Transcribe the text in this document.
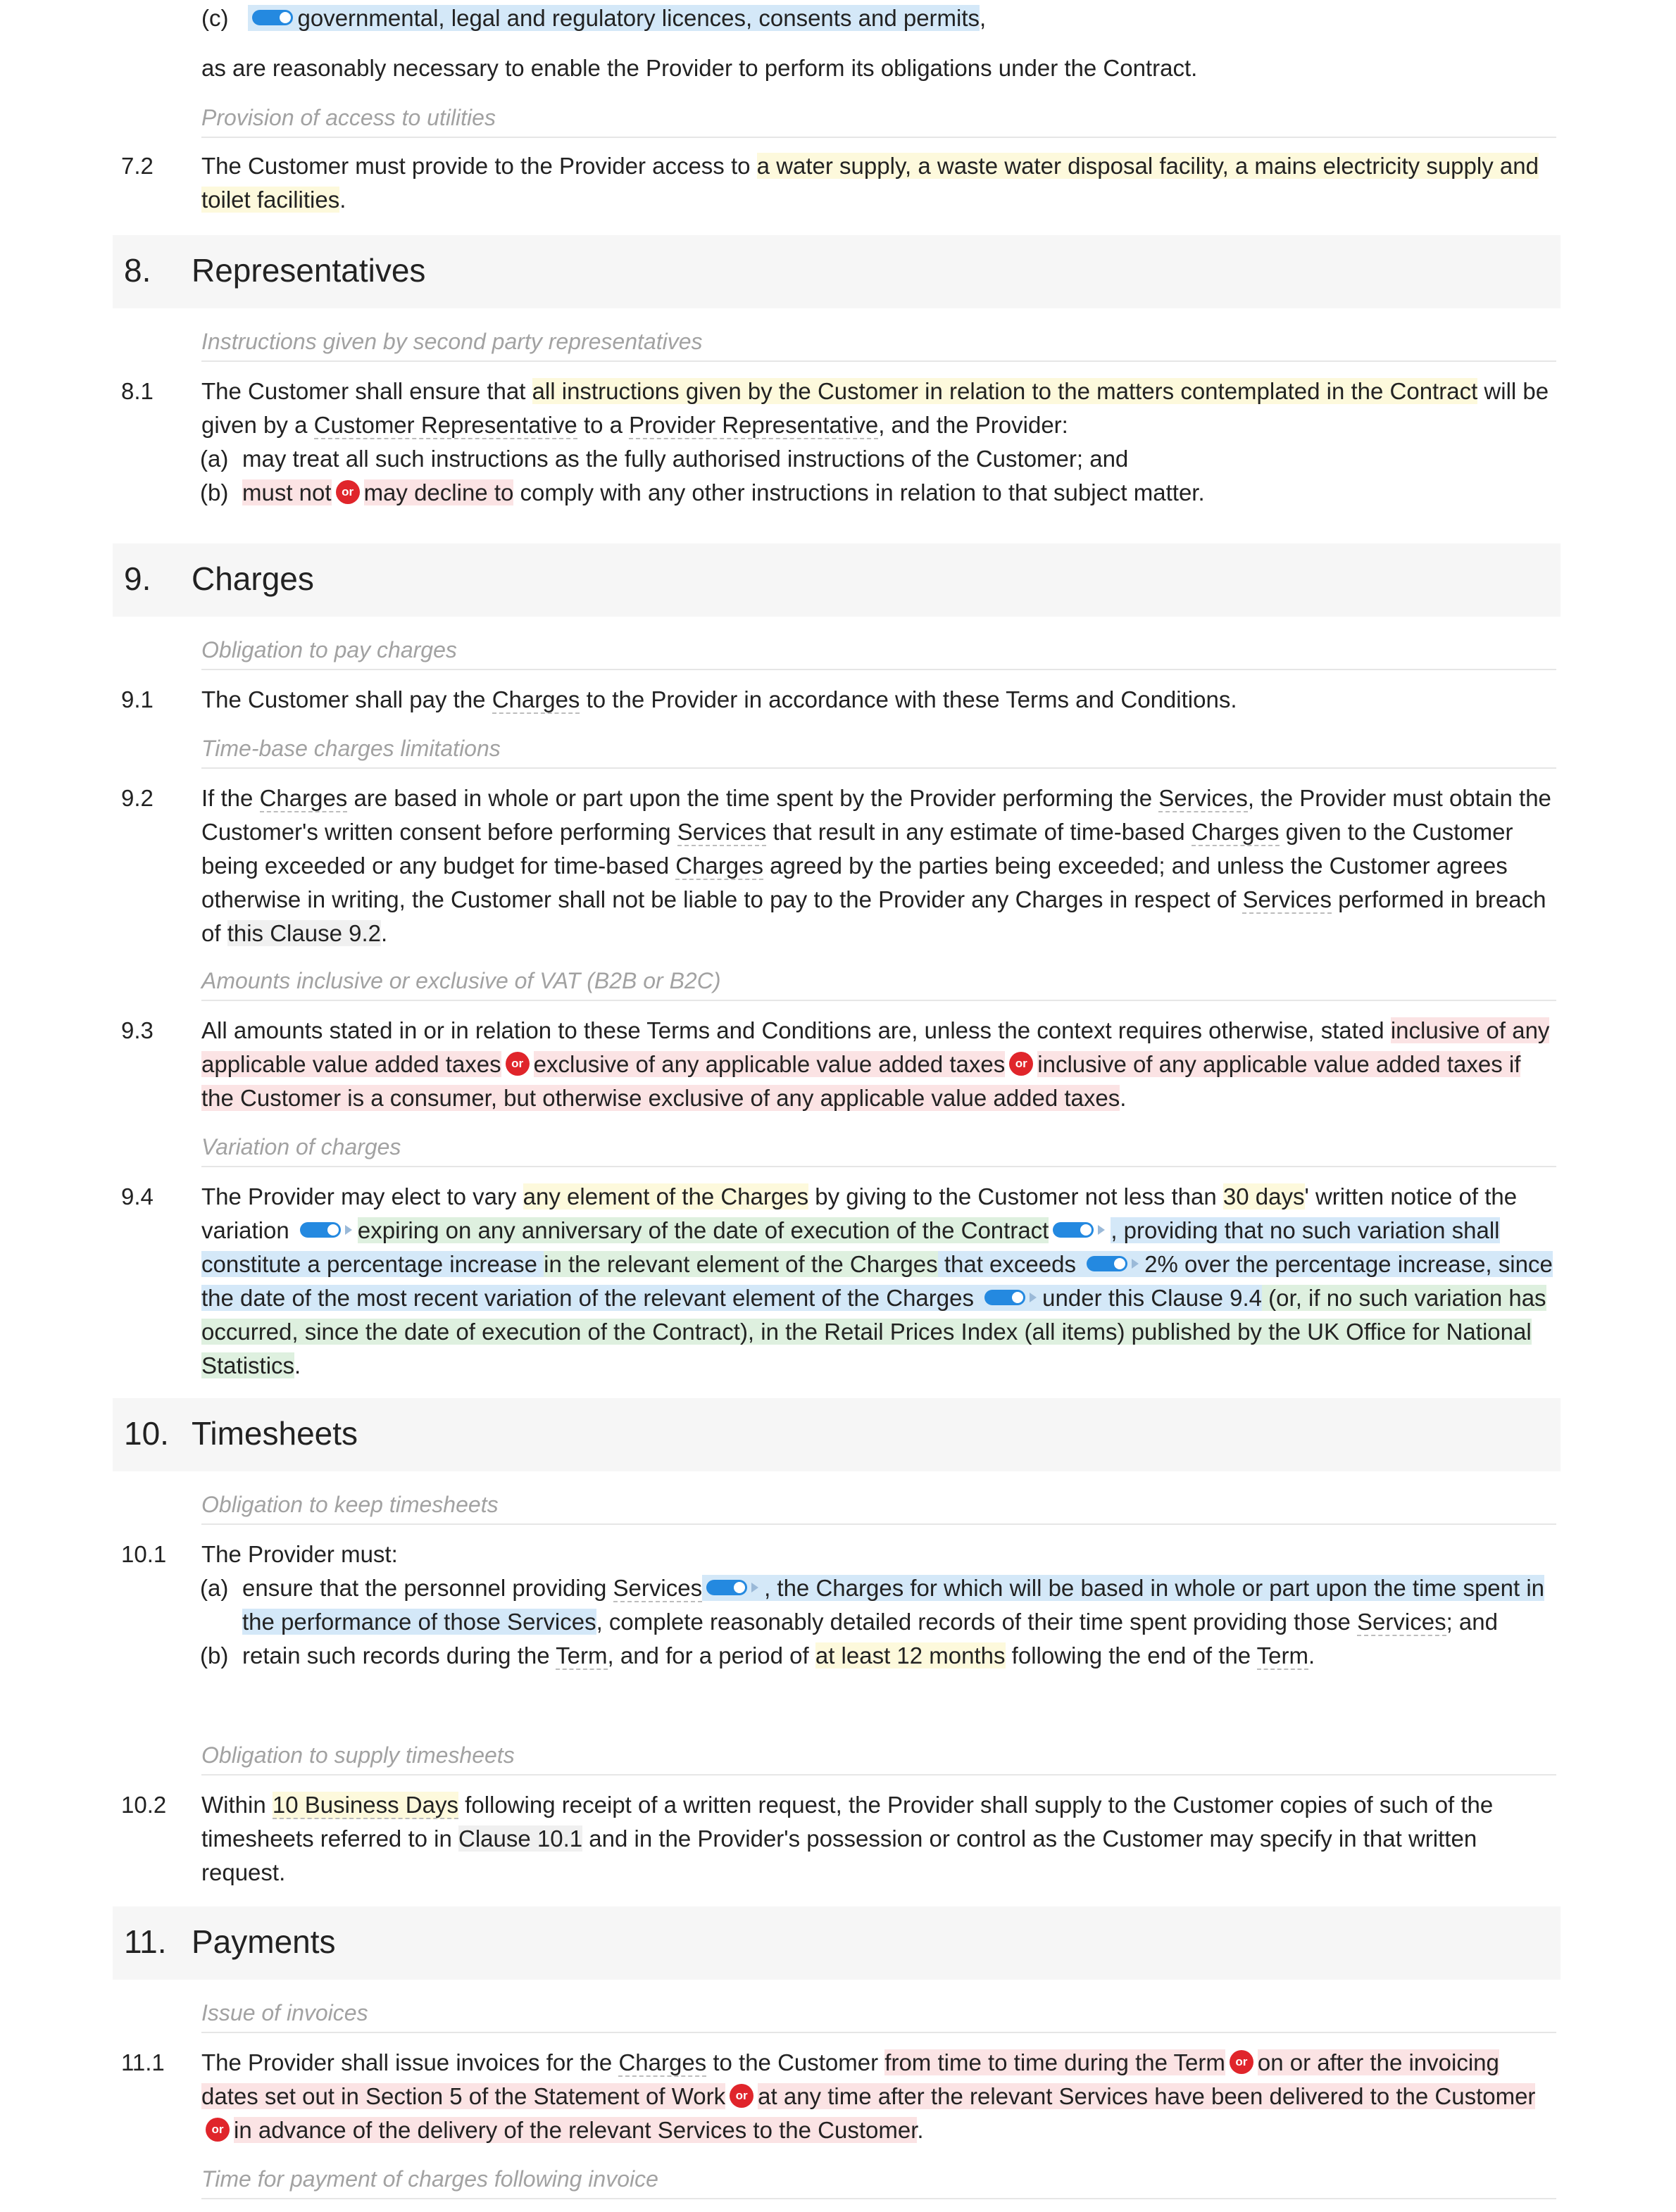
(c)	governmental, legal and regulatory licences, consents and permits,
as are reasonably necessary to enable the Provider to perform its obligations under the Contract.
Provision of access to utilities
7.2 The Customer must provide to the Provider access to a water supply, a waste water disposal facility, a mains electricity supply and toilet facilities.
8. Representatives
Instructions given by second party representatives
8.1 The Customer shall ensure that all instructions given by the Customer in relation to the matters contemplated in the Contract will be given by a Customer Representative to a Provider Representative, and the Provider:
(a) may treat all such instructions as the fully authorised instructions of the Customer; and
(b) must not or may decline to comply with any other instructions in relation to that subject matter.
9. Charges
Obligation to pay charges
9.1 The Customer shall pay the Charges to the Provider in accordance with these Terms and Conditions.
Time-base charges limitations
9.2 If the Charges are based in whole or part upon the time spent by the Provider performing the Services, the Provider must obtain the Customer's written consent before performing Services that result in any estimate of time-based Charges given to the Customer being exceeded or any budget for time-based Charges agreed by the parties being exceeded; and unless the Customer agrees otherwise in writing, the Customer shall not be liable to pay to the Provider any Charges in respect of Services performed in breach of this Clause 9.2.
Amounts inclusive or exclusive of VAT (B2B or B2C)
9.3 All amounts stated in or in relation to these Terms and Conditions are, unless the context requires otherwise, stated inclusive of any applicable value added taxes or exclusive of any applicable value added taxes or inclusive of any applicable value added taxes if the Customer is a consumer, but otherwise exclusive of any applicable value added taxes.
Variation of charges
9.4 The Provider may elect to vary any element of the Charges by giving to the Customer not less than 30 days' written notice of the variation	expiring on any anniversary of the date of execution of the Contract	, providing that no such variation shall constitute a percentage increase in the relevant element of the Charges that exceeds	2% over the percentage increase, since the date of the most recent variation of the relevant element of the Charges	under this Clause 9.4 (or, if no such variation has occurred, since the date of execution of the Contract), in the Retail Prices Index (all items) published by the UK Office for National Statistics.
10. Timesheets
Obligation to keep timesheets
10.1 The Provider must:
(a) ensure that the personnel providing Services	, the Charges for which will be based in whole or part upon the time spent in the performance of those Services, complete reasonably detailed records of their time spent providing those Services; and
(b) retain such records during the Term, and for a period of at least 12 months following the end of the Term.
Obligation to supply timesheets
10.2 Within 10 Business Days following receipt of a written request, the Provider shall supply to the Customer copies of such of the timesheets referred to in Clause 10.1 and in the Provider's possession or control as the Customer may specify in that written request.
11. Payments
Issue of invoices
11.1 The Provider shall issue invoices for the Charges to the Customer from time to time during the Term or on or after the invoicing dates set out in Section 5 of the Statement of Work or at any time after the relevant Services have been delivered to the Customeror in advance of the delivery of the relevant Services to the Customer.
Time for payment of charges following invoice
